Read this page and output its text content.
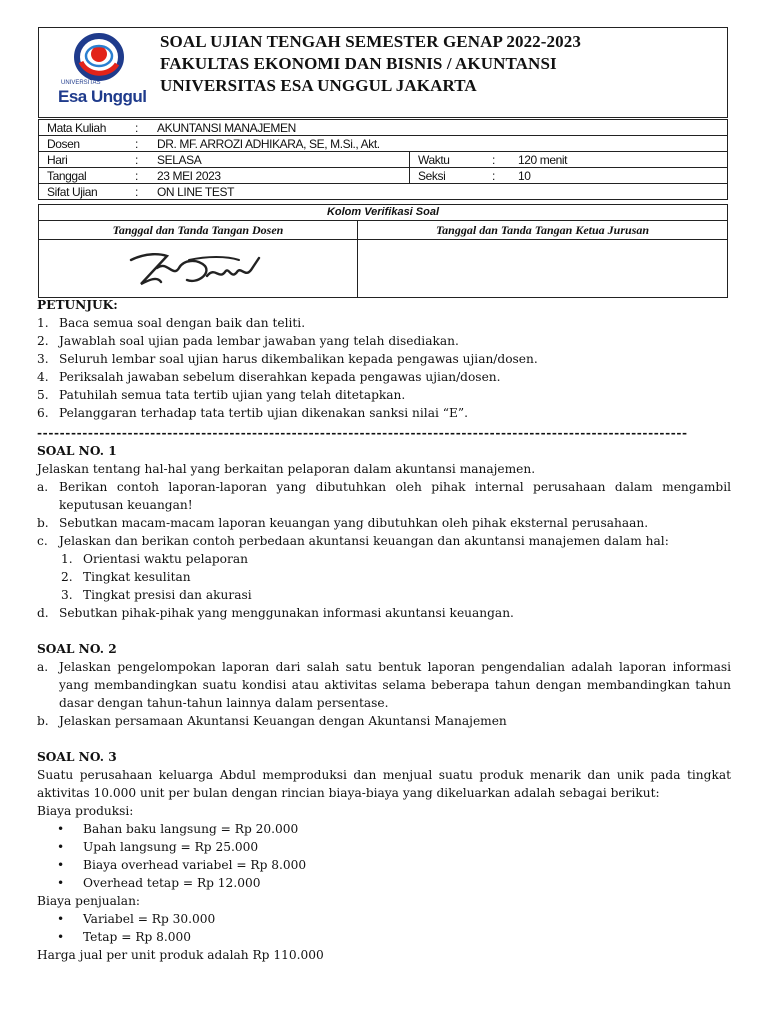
UNIVERSITAS
Esa Unggul
SOAL UJIAN TENGAH SEMESTER GENAP 2022-2023
FAKULTAS EKONOMI DAN BISNIS / AKUNTANSI
UNIVERSITAS ESA UNGGUL JAKARTA
Mata Kuliah : AKUNTANSI MANAJEMEN	
Dosen : DR. MF. ARROZI ADHIKARA, SE, M.Si., Akt.	
Hari : SELASA	Waktu : 120 menit
Tanggal : 23 MEI 2023	Seksi : 10
Sifat Ujian : ON LINE TEST	
Kolom Verifikasi Soal
Tanggal dan Tanda Tangan Dosen	Tanggal dan Tanda Tangan Ketua Jurusan
PETUNJUK:
1. Baca semua soal dengan baik dan teliti.
2. Jawablah soal ujian pada lembar jawaban yang telah disediakan.
3. Seluruh lembar soal ujian harus dikembalikan kepada pengawas ujian/dosen.
4. Periksalah jawaban sebelum diserahkan kepada pengawas ujian/dosen.
5. Patuhilah semua tata tertib ujian yang telah ditetapkan.
6. Pelanggaran terhadap tata tertib ujian dikenakan sanksi nilai “E”.
-------------------------------------------------------------------------------------------------------------------
SOAL NO. 1
Jelaskan tentang hal-hal yang berkaitan pelaporan dalam akuntansi manajemen.
a. Berikan contoh laporan-laporan yang dibutuhkan oleh pihak internal perusahaan dalam mengambil keputusan keuangan!
b. Sebutkan macam-macam laporan keuangan yang dibutuhkan oleh pihak eksternal perusahaan.
c. Jelaskan dan berikan contoh perbedaan akuntansi keuangan dan akuntansi manajemen dalam hal:
1. Orientasi waktu pelaporan
2. Tingkat kesulitan
3. Tingkat presisi dan akurasi
d. Sebutkan pihak-pihak yang menggunakan informasi akuntansi keuangan.
SOAL NO. 2
a. Jelaskan pengelompokan laporan dari salah satu bentuk laporan pengendalian adalah laporan informasi yang membandingkan suatu kondisi atau aktivitas selama beberapa tahun dengan membandingkan tahun dasar dengan tahun-tahun lainnya dalam persentase.
b. Jelaskan persamaan Akuntansi Keuangan dengan Akuntansi Manajemen
SOAL NO. 3
Suatu perusahaan keluarga Abdul memproduksi dan menjual suatu produk menarik dan unik pada tingkat aktivitas 10.000 unit per bulan dengan rincian biaya-biaya yang dikeluarkan adalah sebagai berikut:
Biaya produksi:
•	Bahan baku langsung = Rp 20.000
•	Upah langsung = Rp 25.000
•	Biaya overhead variabel = Rp 8.000
•	Overhead tetap = Rp 12.000
Biaya penjualan:
•	Variabel = Rp 30.000
•	Tetap = Rp 8.000
Harga jual per unit produk adalah Rp 110.000
